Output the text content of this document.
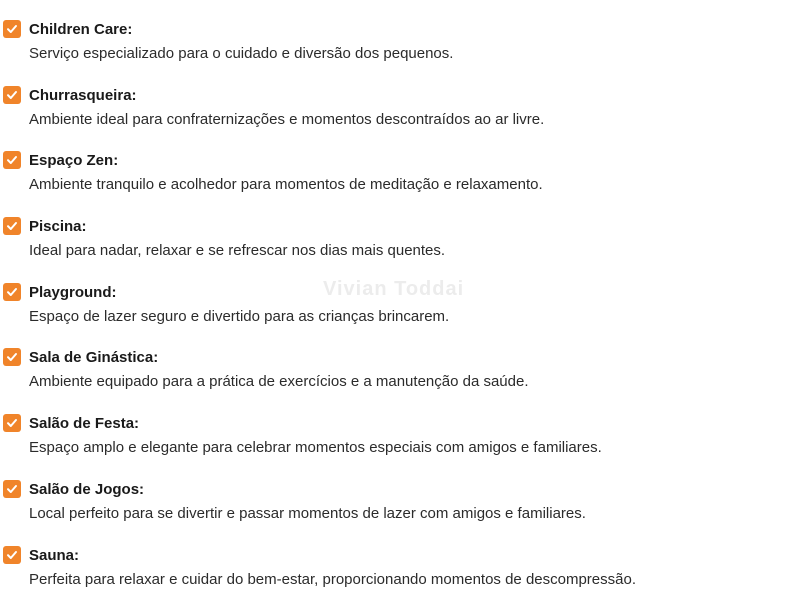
Children Care:
Serviço especializado para o cuidado e diversão dos pequenos.
Churrasqueira:
Ambiente ideal para confraternizações e momentos descontraídos ao ar livre.
Espaço Zen:
Ambiente tranquilo e acolhedor para momentos de meditação e relaxamento.
Piscina:
Ideal para nadar, relaxar e se refrescar nos dias mais quentes.
Playground:
Espaço de lazer seguro e divertido para as crianças brincarem.
Sala de Ginástica:
Ambiente equipado para a prática de exercícios e a manutenção da saúde.
Salão de Festa:
Espaço amplo e elegante para celebrar momentos especiais com amigos e familiares.
Salão de Jogos:
Local perfeito para se divertir e passar momentos de lazer com amigos e familiares.
Sauna:
Perfeita para relaxar e cuidar do bem-estar, proporcionando momentos de descompressão.
Vivian Toddai
